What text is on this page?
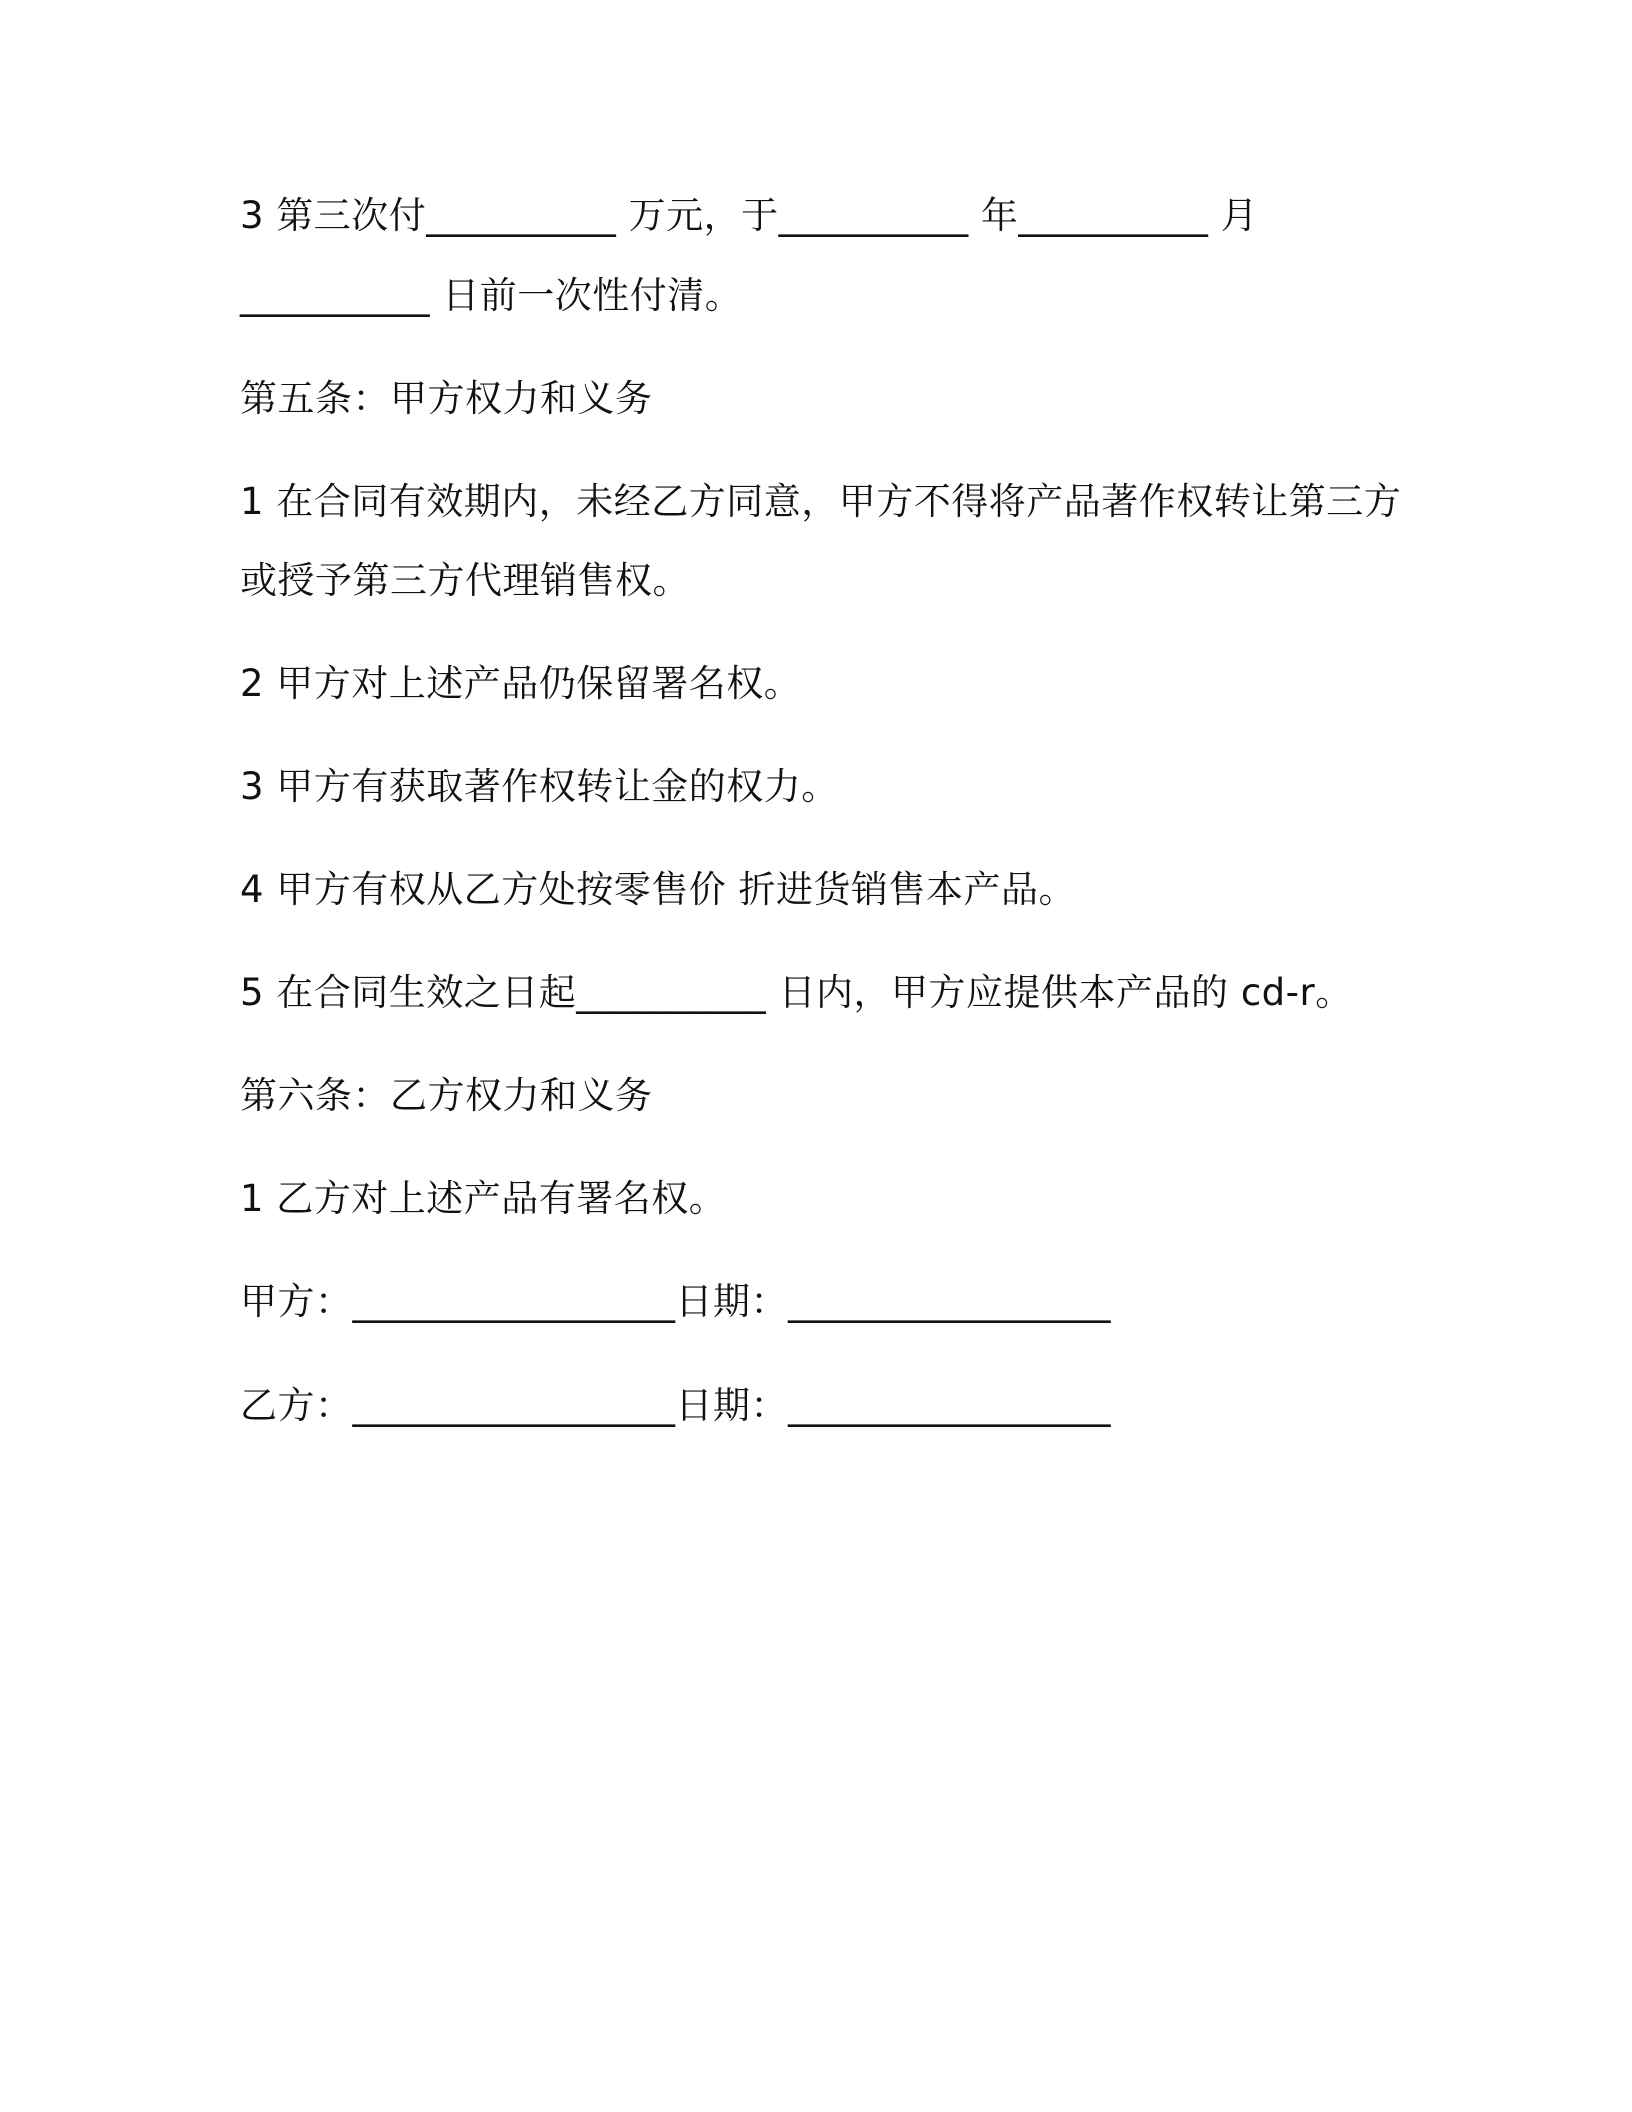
3 第三次付__________ 万元，于__________ 年__________ 月
__________ 日前一次性付清。
第五条：甲方权力和义务
1 在合同有效期内，未经乙方同意，甲方不得将产品著作权转让第三方
或授予第三方代理销售权。
2 甲方对上述产品仍保留署名权。
3 甲方有获取著作权转让金的权力。
4 甲方有权从乙方处按零售价 折进货销售本产品。
5 在合同生效之日起__________ 日内，甲方应提供本产品的 cd-r。
第六条：乙方权力和义务
1 乙方对上述产品有署名权。
甲方：_________________日期：_________________
乙方：_________________日期：_________________
